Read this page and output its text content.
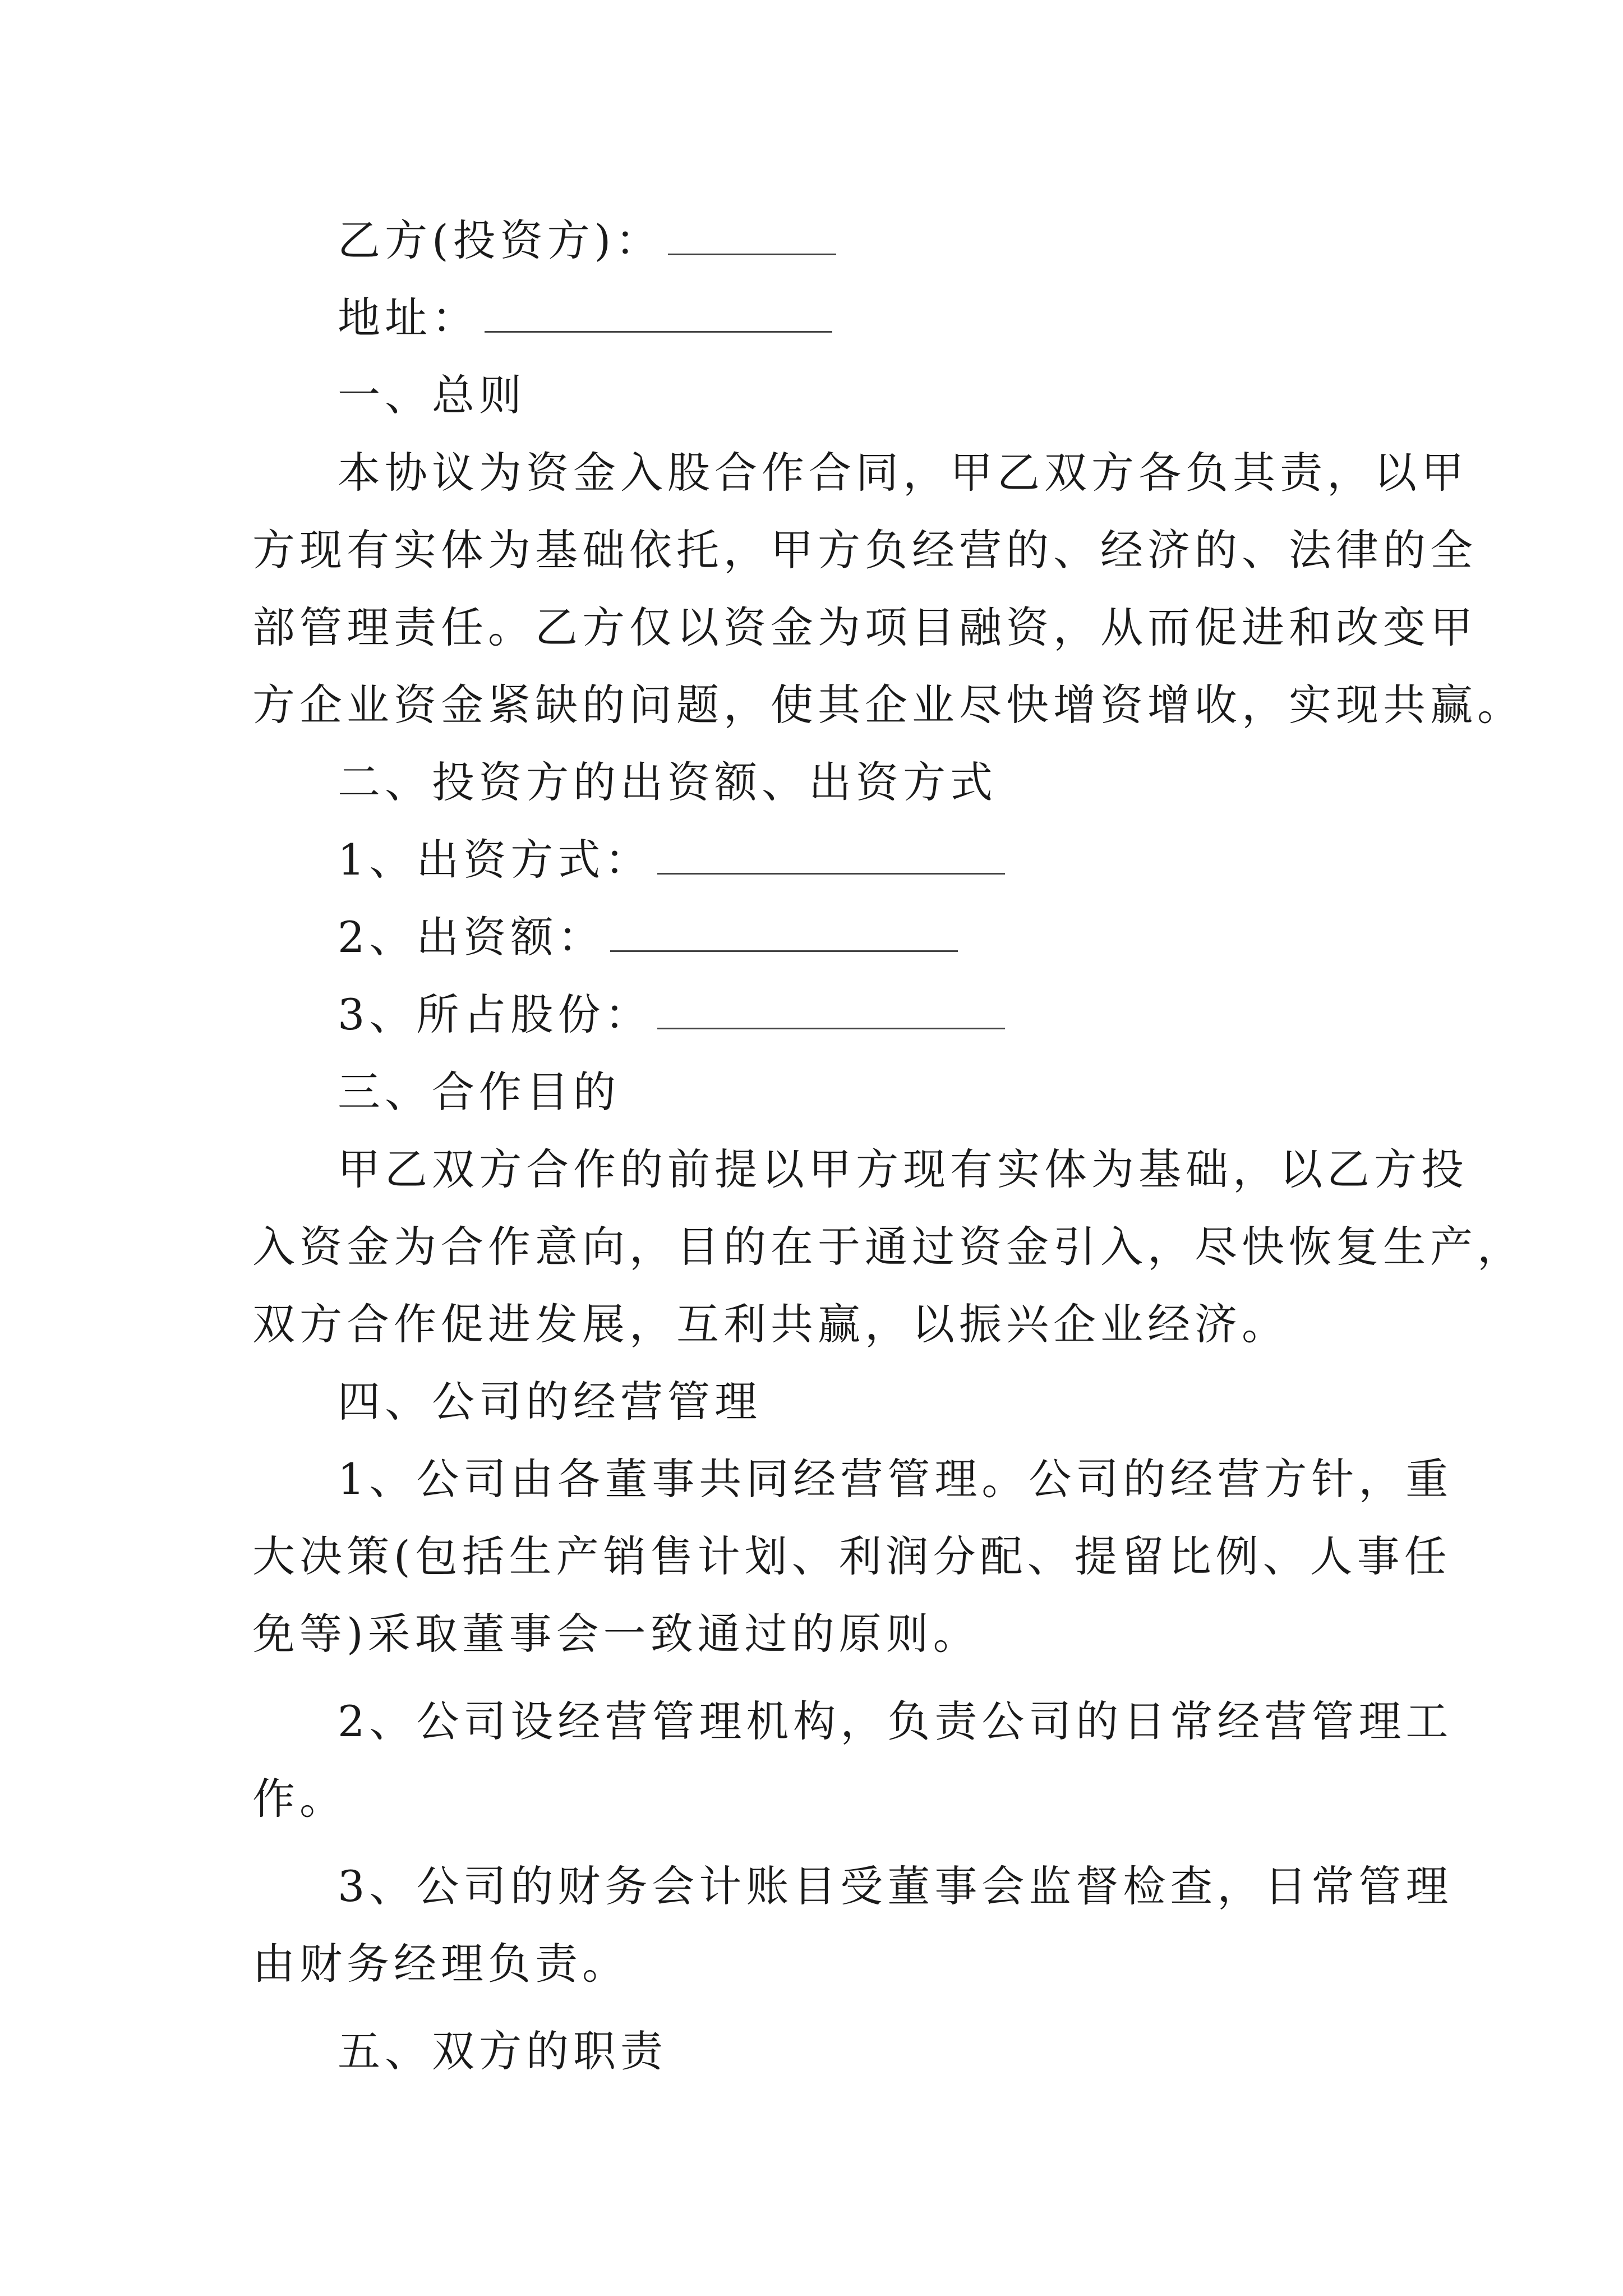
乙方(投资方)：
地址：
一、总则
本协议为资金入股合作合同，甲乙双方各负其责，以甲
方现有实体为基础依托，甲方负经营的、经济的、法律的全
部管理责任。乙方仅以资金为项目融资，从而促进和改变甲
方企业资金紧缺的问题，使其企业尽快增资增收，实现共赢。
二、投资方的出资额、出资方式
1、出资方式：
2、出资额：
3、所占股份：
三、合作目的
甲乙双方合作的前提以甲方现有实体为基础，以乙方投
入资金为合作意向，目的在于通过资金引入，尽快恢复生产，
双方合作促进发展，互利共赢，以振兴企业经济。
四、公司的经营管理
1、公司由各董事共同经营管理。公司的经营方针，重
大决策(包括生产销售计划、利润分配、提留比例、人事任
免等)采取董事会一致通过的原则。
2、公司设经营管理机构，负责公司的日常经营管理工
作。
3、公司的财务会计账目受董事会监督检查，日常管理
由财务经理负责。
五、双方的职责
